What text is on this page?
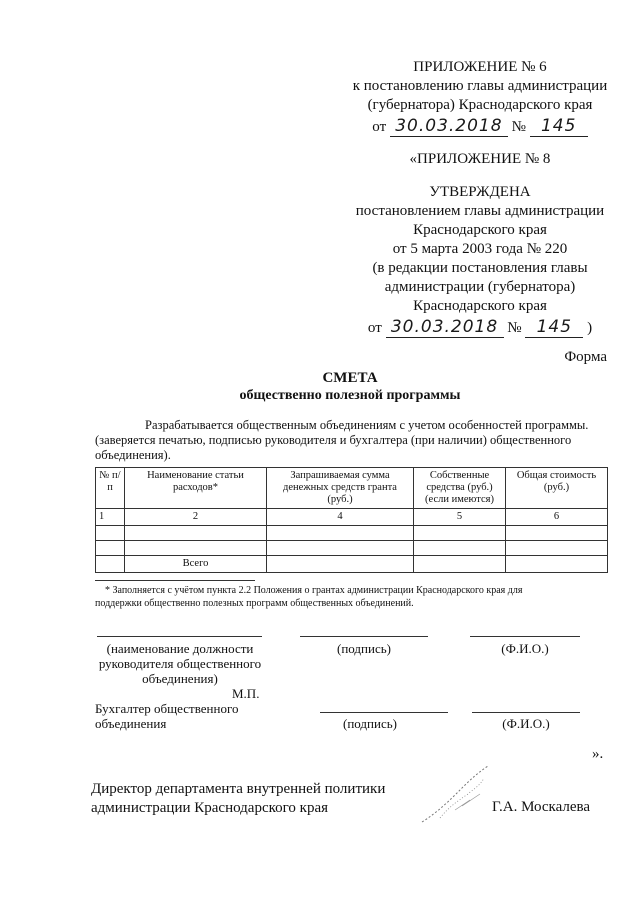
ПРИЛОЖЕНИЕ № 6
к постановлению главы администрации
(губернатора) Краснодарского края
от 30.03.2018 № 145
«ПРИЛОЖЕНИЕ № 8
УТВЕРЖДЕНА
постановлением главы администрации
Краснодарского края
от 5 марта 2003 года № 220
(в редакции постановления главы
администрации (губернатора)
Краснодарского края
от 30.03.2018 № 145 )
Форма
СМЕТА
общественно полезной программы
Разрабатывается общественным объединениям с учетом особенностей программы.
(заверяется печатью, подписью руководителя и бухгалтера (при наличии) общественного
объединения).
№ п/п	Наименование статьи расходов*	Запрашиваемая сумма денежных средств гранта (руб.)	Собственные средства (руб.) (если имеются)	Общая стоимость (руб.)
1	2	4	5	6

	Всего			
* Заполняется с учётом пункта 2.2 Положения о грантах администрации Краснодарского края для
поддержки общественно полезных программ общественных объединений.
(наименование должности
руководителя общественного
объединения)
(подпись)	(Ф.И.О.)
М.П.
Бухгалтер общественного
объединения	(подпись)	(Ф.И.О.)
».
Директор департамента внутренней политики
администрации Краснодарского края	Г.А. Москалева
